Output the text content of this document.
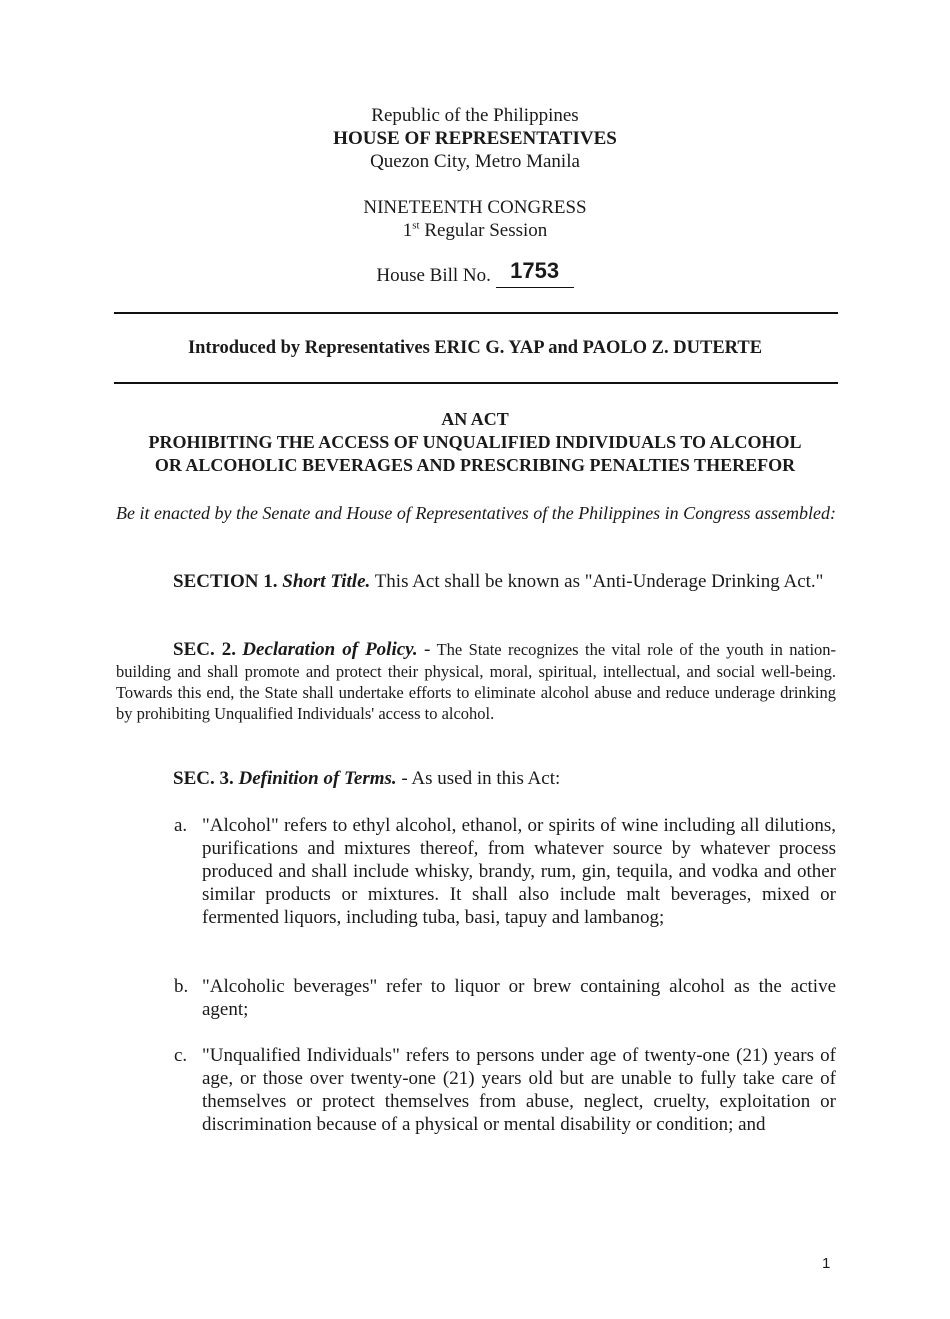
Republic of the Philippines
HOUSE OF REPRESENTATIVES
Quezon City, Metro Manila
NINETEENTH CONGRESS
1st Regular Session
House Bill No. 1753
Introduced by Representatives ERIC G. YAP and PAOLO Z. DUTERTE
AN ACT
PROHIBITING THE ACCESS OF UNQUALIFIED INDIVIDUALS TO ALCOHOL
OR ALCOHOLIC BEVERAGES AND PRESCRIBING PENALTIES THEREFOR
Be it enacted by the Senate and House of Representatives of the Philippines in Congress assembled:
SECTION 1. Short Title. This Act shall be known as "Anti-Underage Drinking Act."
SEC. 2. Declaration of Policy. - The State recognizes the vital role of the youth in nation-building and shall promote and protect their physical, moral, spiritual, intellectual, and social well-being. Towards this end, the State shall undertake efforts to eliminate alcohol abuse and reduce underage drinking by prohibiting Unqualified Individuals' access to alcohol.
SEC. 3. Definition of Terms. - As used in this Act:
a. "Alcohol" refers to ethyl alcohol, ethanol, or spirits of wine including all dilutions, purifications and mixtures thereof, from whatever source by whatever process produced and shall include whisky, brandy, rum, gin, tequila, and vodka and other similar products or mixtures. It shall also include malt beverages, mixed or fermented liquors, including tuba, basi, tapuy and lambanog;
b. "Alcoholic beverages" refer to liquor or brew containing alcohol as the active agent;
c. "Unqualified Individuals" refers to persons under age of twenty-one (21) years of age, or those over twenty-one (21) years old but are unable to fully take care of themselves or protect themselves from abuse, neglect, cruelty, exploitation or discrimination because of a physical or mental disability or condition; and
1
